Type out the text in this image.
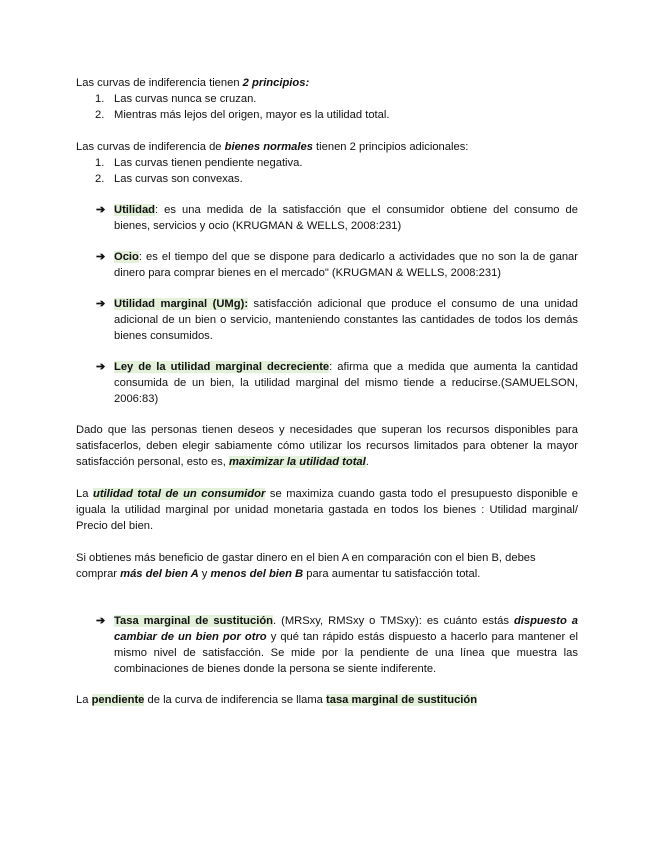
Las curvas de indiferencia tienen 2 principios:

1. Las curvas nunca se cruzan.
2. Mientras más lejos del origen, mayor es la utilidad total.

Las curvas de indiferencia de bienes normales tienen 2 principios adicionales:

1. Las curvas tienen pendiente negativa.
2. Las curvas son convexas.
➔ Utilidad: es una medida de la satisfacción que el consumidor obtiene del consumo de bienes, servicios y ocio (KRUGMAN & WELLS, 2008:231)
➔ Ocio: es el tiempo del que se dispone para dedicarlo a actividades que no son la de ganar dinero para comprar bienes en el mercado" (KRUGMAN & WELLS, 2008:231)
➔ Utilidad marginal (UMg): satisfacción adicional que produce el consumo de una unidad adicional de un bien o servicio, manteniendo constantes las cantidades de todos los demás bienes consumidos.
➔ Ley de la utilidad marginal decreciente: afirma que a medida que aumenta la cantidad consumida de un bien, la utilidad marginal del mismo tiende a reducirse.(SAMUELSON, 2006:83)

Dado que las personas tienen deseos y necesidades que superan los recursos disponibles para satisfacerlos, deben elegir sabiamente cómo utilizar los recursos limitados para obtener la mayor satisfacción personal, esto es, maximizar la utilidad total.

La utilidad total de un consumidor se maximiza cuando gasta todo el presupuesto disponible e iguala la utilidad marginal por unidad monetaria gastada en todos los bienes : Utilidad marginal/ Precio del bien.

Si obtienes más beneficio de gastar dinero en el bien A en comparación con el bien B, debes comprar más del bien A y menos del bien B para aumentar tu satisfacción total.

➔ Tasa marginal de sustitución. (MRSxy, RMSxy o TMSxy): es cuánto estás dispuesto a cambiar de un bien por otro y qué tan rápido estás dispuesto a hacerlo para mantener el mismo nivel de satisfacción. Se mide por la pendiente de una línea que muestra las combinaciones de bienes donde la persona se siente indiferente.

La pendiente de la curva de indiferencia se llama tasa marginal de sustitución
